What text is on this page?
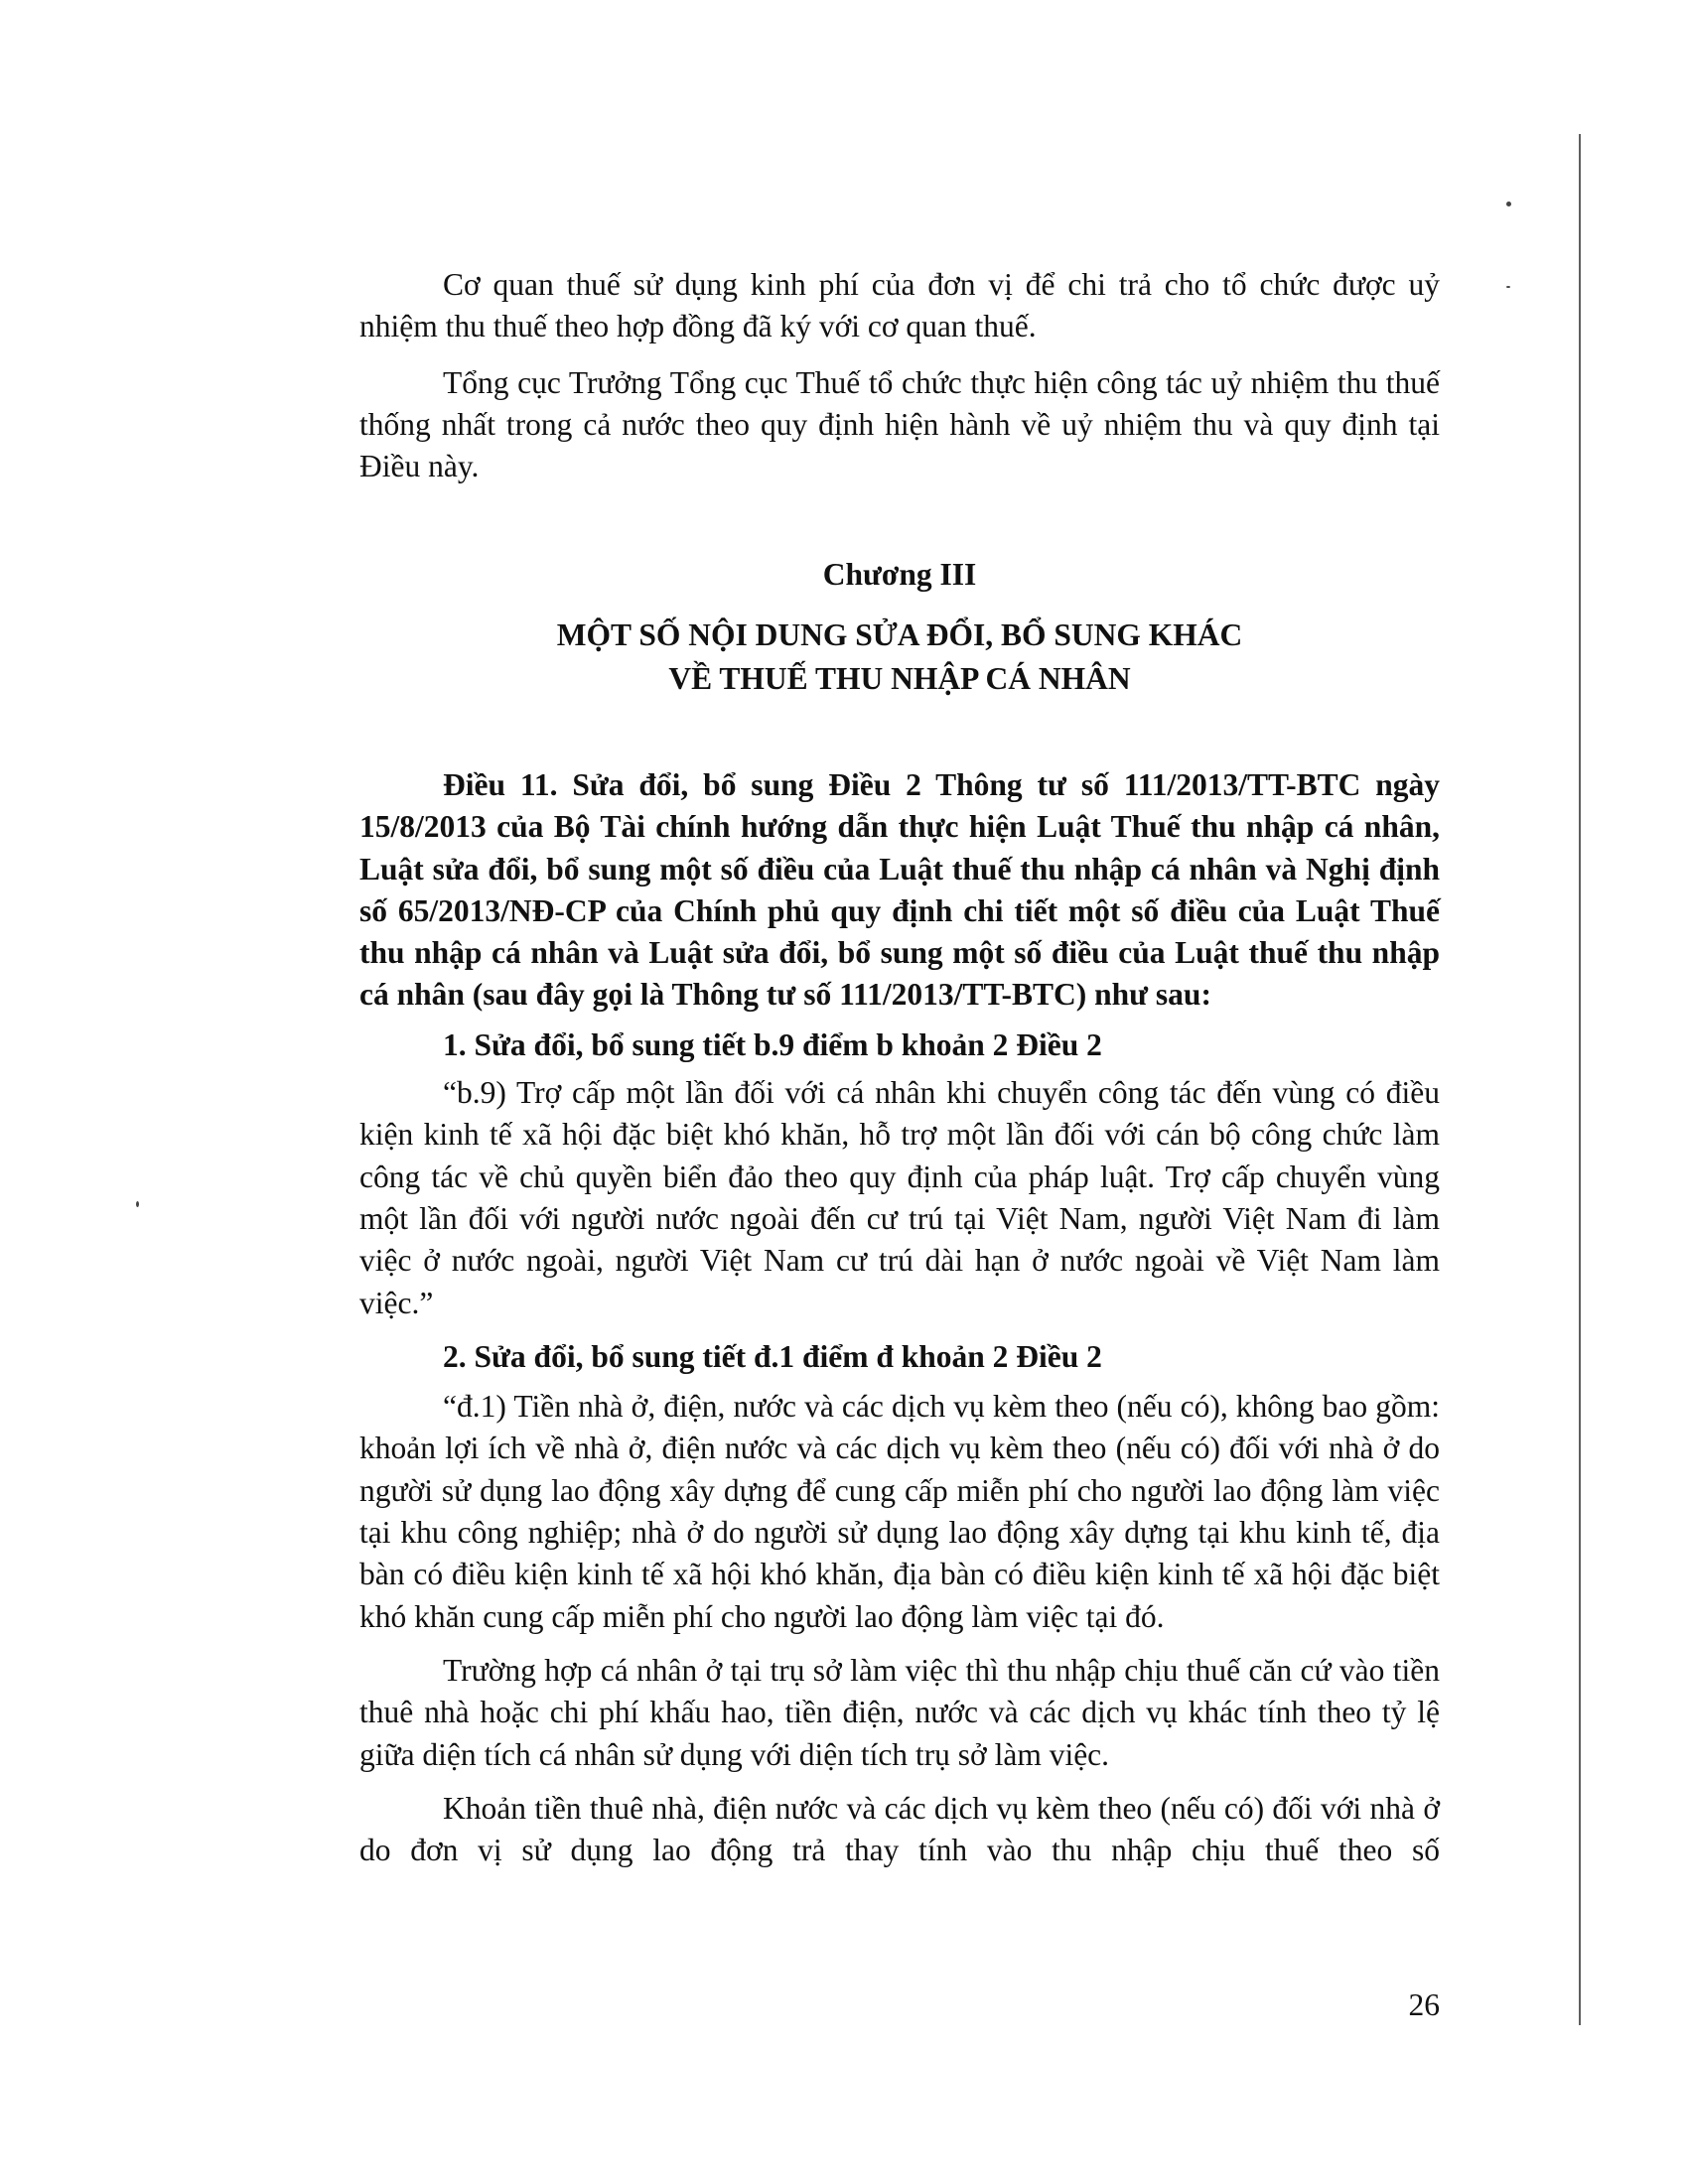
Cơ quan thuế sử dụng kinh phí của đơn vị để chi trả cho tổ chức được uỷ nhiệm thu thuế theo hợp đồng đã ký với cơ quan thuế.

Tổng cục Trưởng Tổng cục Thuế tổ chức thực hiện công tác uỷ nhiệm thu thuế thống nhất trong cả nước theo quy định hiện hành về uỷ nhiệm thu và quy định tại Điều này.

Chương III
MỘT SỐ NỘI DUNG SỬA ĐỔI, BỔ SUNG KHÁC
VỀ THUẾ THU NHẬP CÁ NHÂN

Điều 11. Sửa đổi, bổ sung Điều 2 Thông tư số 111/2013/TT-BTC ngày 15/8/2013 của Bộ Tài chính hướng dẫn thực hiện Luật Thuế thu nhập cá nhân, Luật sửa đổi, bổ sung một số điều của Luật thuế thu nhập cá nhân và Nghị định số 65/2013/NĐ-CP của Chính phủ quy định chi tiết một số điều của Luật Thuế thu nhập cá nhân và Luật sửa đổi, bổ sung một số điều của Luật thuế thu nhập cá nhân (sau đây gọi là Thông tư số 111/2013/TT-BTC) như sau:

1. Sửa đổi, bổ sung tiết b.9 điểm b khoản 2 Điều 2

“b.9) Trợ cấp một lần đối với cá nhân khi chuyển công tác đến vùng có điều kiện kinh tế xã hội đặc biệt khó khăn, hỗ trợ một lần đối với cán bộ công chức làm công tác về chủ quyền biển đảo theo quy định của pháp luật. Trợ cấp chuyển vùng một lần đối với người nước ngoài đến cư trú tại Việt Nam, người Việt Nam đi làm việc ở nước ngoài, người Việt Nam cư trú dài hạn ở nước ngoài về Việt Nam làm việc.”

2. Sửa đổi, bổ sung tiết đ.1 điểm đ khoản 2 Điều 2

“đ.1) Tiền nhà ở, điện, nước và các dịch vụ kèm theo (nếu có), không bao gồm: khoản lợi ích về nhà ở, điện nước và các dịch vụ kèm theo (nếu có) đối với nhà ở do người sử dụng lao động xây dựng để cung cấp miễn phí cho người lao động làm việc tại khu công nghiệp; nhà ở do người sử dụng lao động xây dựng tại khu kinh tế, địa bàn có điều kiện kinh tế xã hội khó khăn, địa bàn có điều kiện kinh tế xã hội đặc biệt khó khăn cung cấp miễn phí cho người lao động làm việc tại đó.

Trường hợp cá nhân ở tại trụ sở làm việc thì thu nhập chịu thuế căn cứ vào tiền thuê nhà hoặc chi phí khấu hao, tiền điện, nước và các dịch vụ khác tính theo tỷ lệ giữa diện tích cá nhân sử dụng với diện tích trụ sở làm việc.

Khoản tiền thuê nhà, điện nước và các dịch vụ kèm theo (nếu có) đối với nhà ở do đơn vị sử dụng lao động trả thay tính vào thu nhập chịu thuế theo số

26
